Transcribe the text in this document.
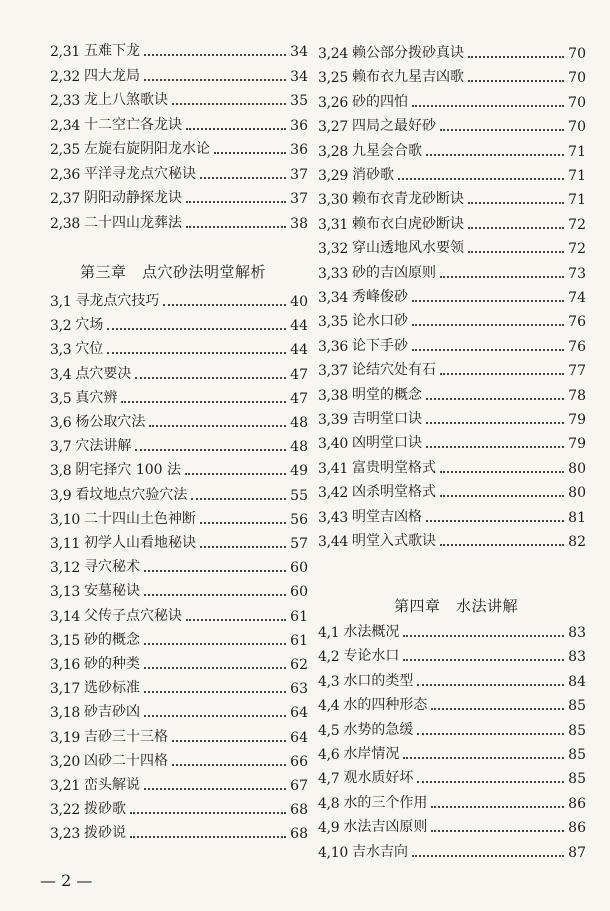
2,31 五难下龙	34
2,32 四大龙局	34
2,33 龙上八煞歌诀	35
2,34 十二空亡各龙诀	36
2,35 左旋右旋阴阳龙水论	36
2,36 平洋寻龙点穴秘诀	37
2,37 阴阳动静探龙诀	37
2,38 二十四山龙葬法	38
第三章　点穴砂法明堂解析
3,1 寻龙点穴技巧	40
3,2 穴场	44
3,3 穴位	44
3,4 点穴要决	47
3,5 真穴辨	47
3,6 杨公取穴法	48
3,7 穴法讲解	48
3,8 阴宅择穴 100 法	49
3,9 看坟地点穴验穴法	55
3,10 二十四山土色神断	56
3,11 初学人山看地秘诀	57
3,12 寻穴秘术	60
3,13 安墓秘诀	60
3,14 父传子点穴秘诀	61
3,15 砂的概念	61
3,16 砂的种类	62
3,17 选砂标准	63
3,18 砂吉砂凶	64
3,19 吉砂三十三格	64
3,20 凶砂二十四格	66
3,21 峦头解说	67
3,22 拨砂歌	68
3,23 拨砂说	68
3,24 赖公部分拨砂真诀	70
3,25 赖布衣九星吉凶歌	70
3,26 砂的四怕	70
3,27 四局之最好砂	70
3,28 九星会合歌	71
3,29 消砂歌	71
3,30 赖布衣青龙砂断诀	71
3,31 赖布衣白虎砂断诀	72
3,32 穿山透地风水要领	72
3,33 砂的吉凶原则	73
3,34 秀峰俊砂	74
3,35 论水口砂	76
3,36 论下手砂	76
3,37 论结穴处有石	77
3,38 明堂的概念	78
3,39 吉明堂口诀	79
3,40 凶明堂口诀	79
3,41 富贵明堂格式	80
3,42 凶杀明堂格式	80
3,43 明堂吉凶格	81
3,44 明堂入式歌诀	82
第四章　水法讲解
4,1 水法概况	83
4,2 专论水口	83
4,3 水口的类型	84
4,4 水的四种形态	85
4,5 水势的急缓	85
4,6 水岸情况	85
4,7 观水质好坏	85
4,8 水的三个作用	86
4,9 水法吉凶原则	86
4,10 吉水吉向	87
— 2 —
